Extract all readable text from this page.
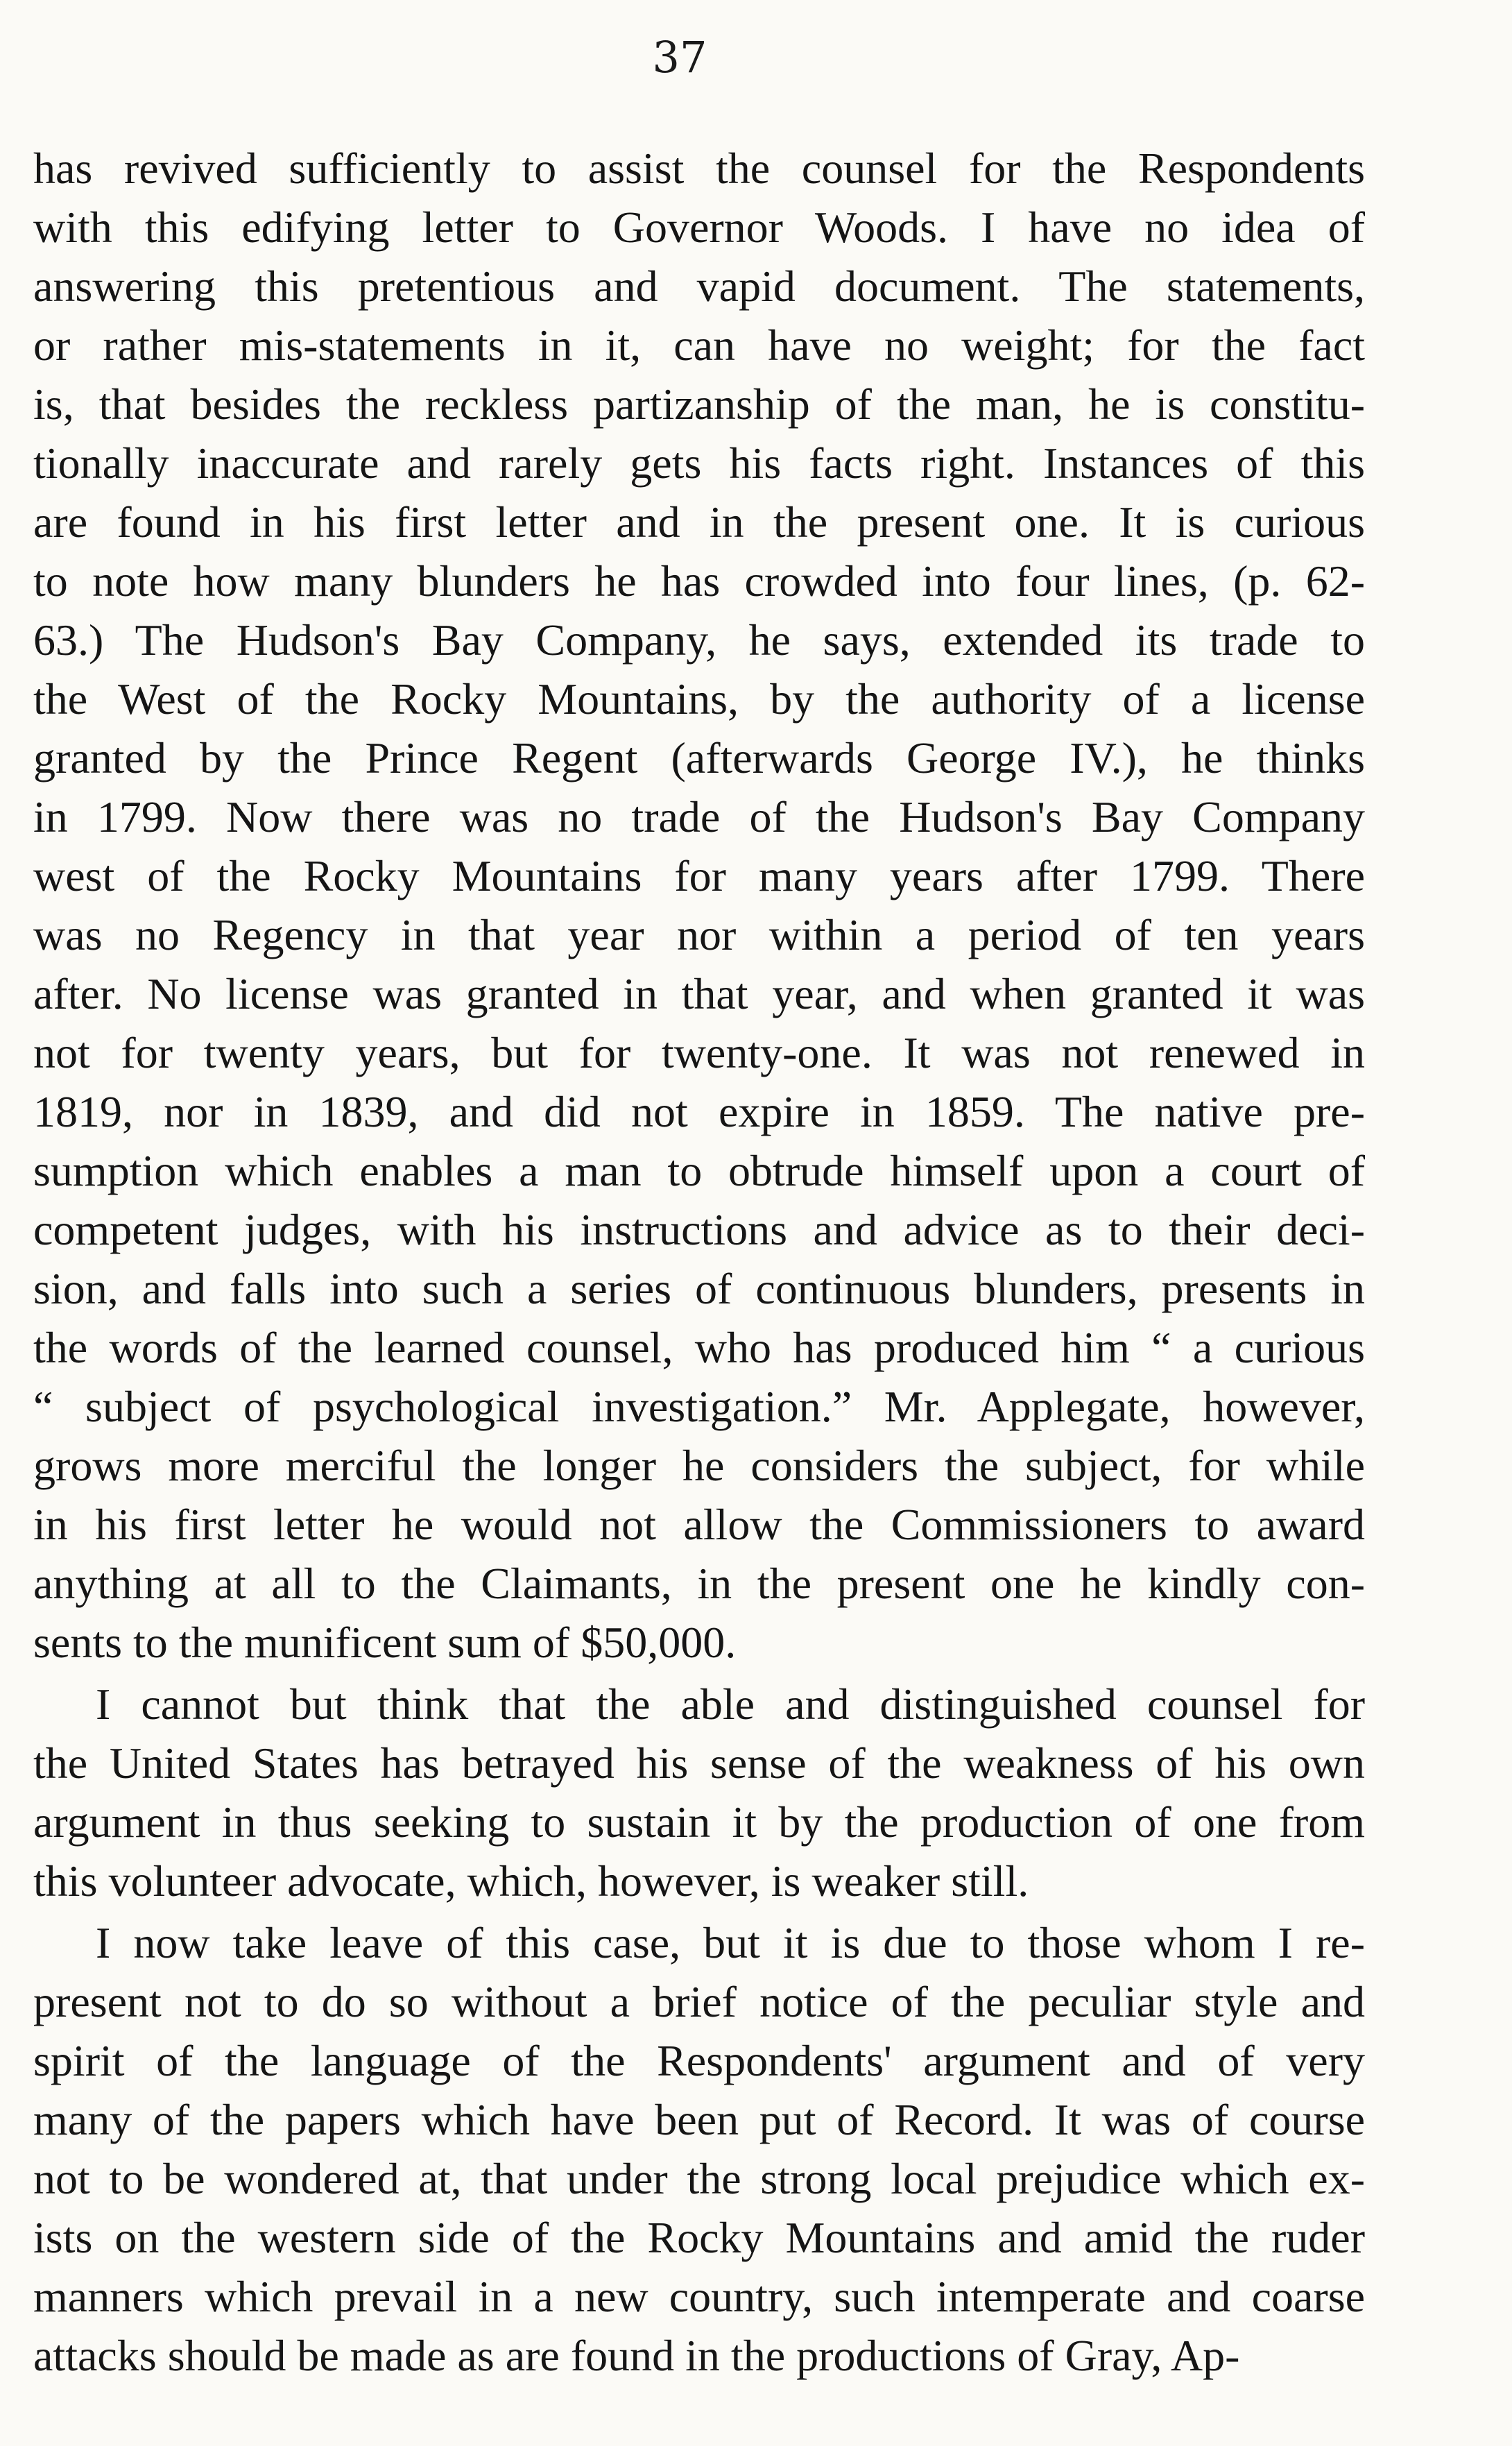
37
has revived sufficiently to assist the counsel for the Respondents
with this edifying letter to Governor Woods. I have no idea of
answering this pretentious and vapid document. The statements,
or rather mis-statements in it, can have no weight; for the fact
is, that besides the reckless partizanship of the man, he is constitu-
tionally inaccurate and rarely gets his facts right. Instances of this
are found in his first letter and in the present one. It is curious
to note how many blunders he has crowded into four lines, (p. 62-
63.) The Hudson's Bay Company, he says, extended its trade to
the West of the Rocky Mountains, by the authority of a license
granted by the Prince Regent (afterwards George IV.), he thinks
in 1799. Now there was no trade of the Hudson's Bay Company
west of the Rocky Mountains for many years after 1799. There
was no Regency in that year nor within a period of ten years
after. No license was granted in that year, and when granted it was
not for twenty years, but for twenty-one. It was not renewed in
1819, nor in 1839, and did not expire in 1859. The native pre-
sumption which enables a man to obtrude himself upon a court of
competent judges, with his instructions and advice as to their deci-
sion, and falls into such a series of continuous blunders, presents in
the words of the learned counsel, who has produced him “ a curious
“ subject of psychological investigation.” Mr. Applegate, however,
grows more merciful the longer he considers the subject, for while
in his first letter he would not allow the Commissioners to award
anything at all to the Claimants, in the present one he kindly con-
sents to the munificent sum of $50,000.
I cannot but think that the able and distinguished counsel for
the United States has betrayed his sense of the weakness of his own
argument in thus seeking to sustain it by the production of one from
this volunteer advocate, which, however, is weaker still.
I now take leave of this case, but it is due to those whom I re-
present not to do so without a brief notice of the peculiar style and
spirit of the language of the Respondents' argument and of very
many of the papers which have been put of Record. It was of course
not to be wondered at, that under the strong local prejudice which ex-
ists on the western side of the Rocky Mountains and amid the ruder
manners which prevail in a new country, such intemperate and coarse
attacks should be made as are found in the productions of Gray, Ap-
